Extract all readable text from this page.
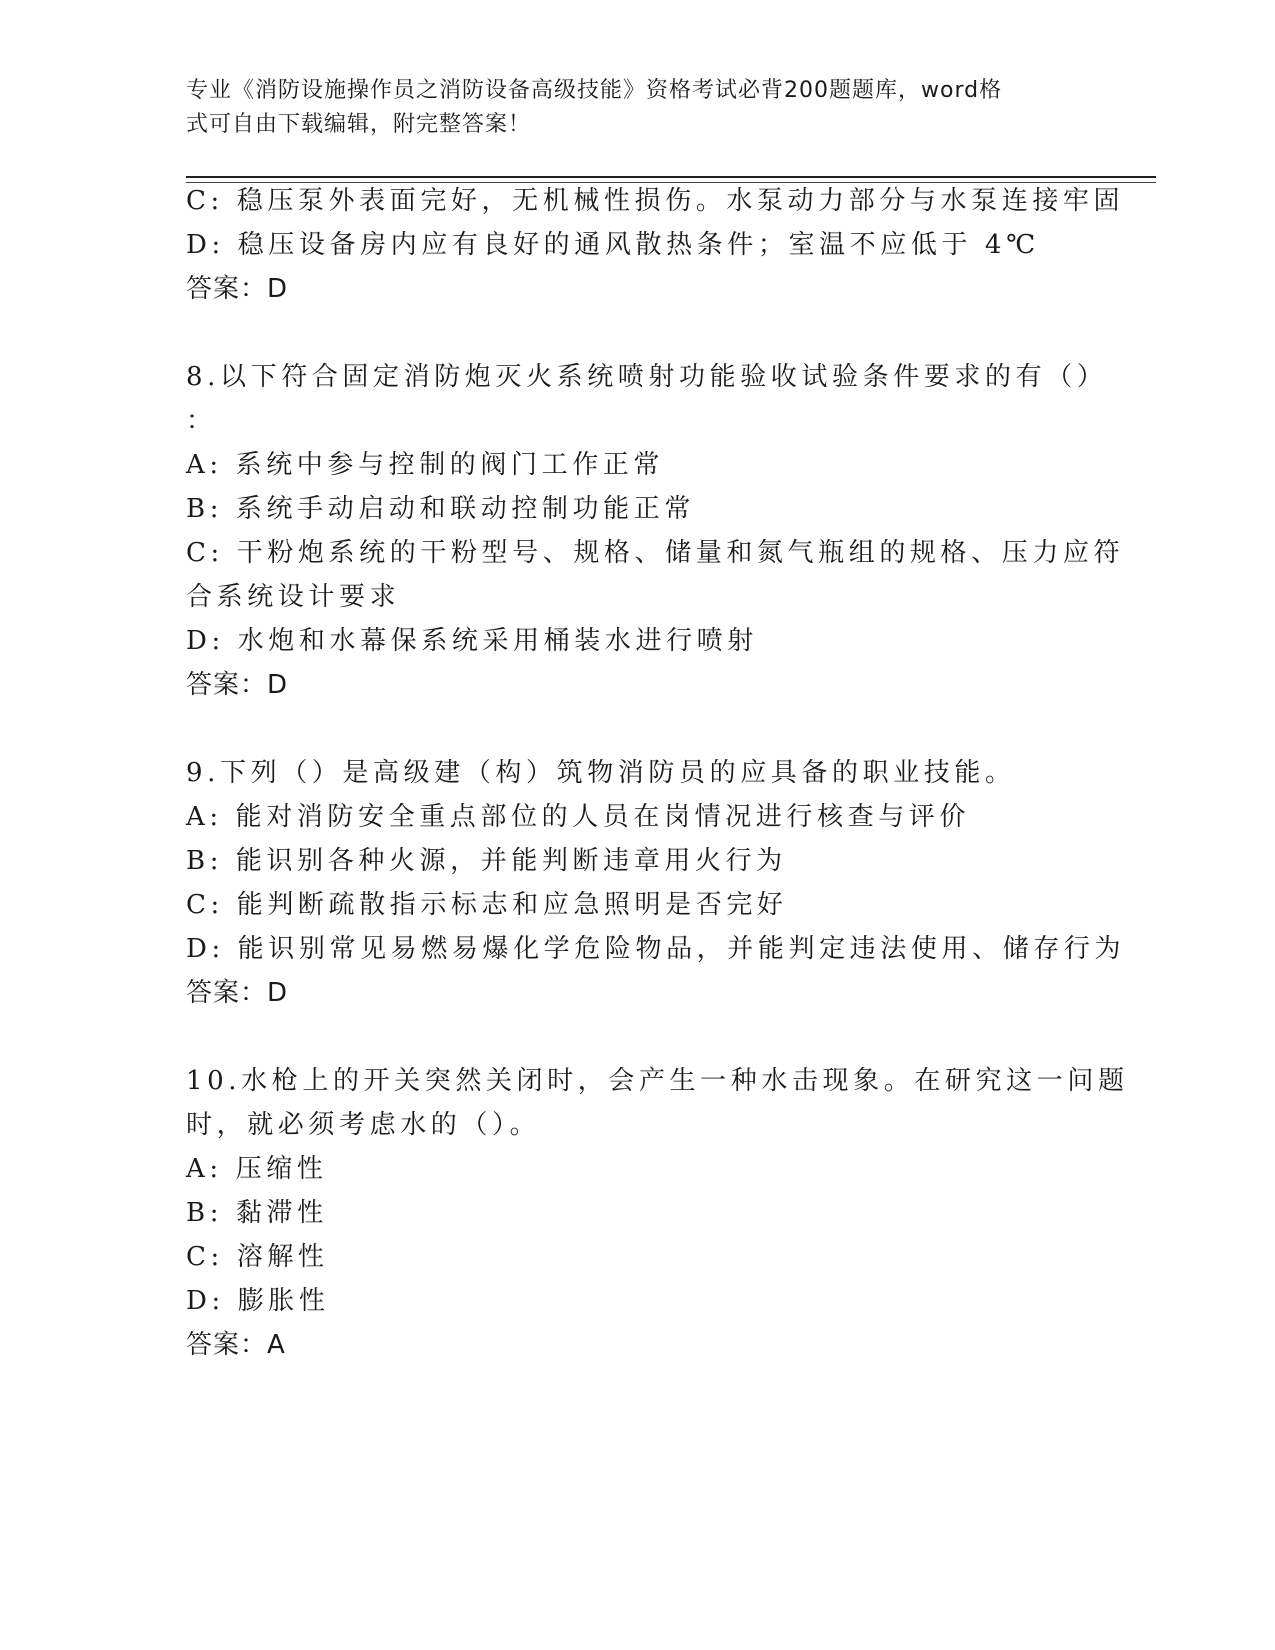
专业《消防设施操作员之消防设备高级技能》资格考试必背200题题库，word格
式可自由下载编辑，附完整答案！
C: 稳压泵外表面完好，无机械性损伤。水泵动力部分与水泵连接牢固
D: 稳压设备房内应有良好的通风散热条件；室温不应低于 4℃
答案：D
8.以下符合固定消防炮灭火系统喷射功能验收试验条件要求的有（）
：
A: 系统中参与控制的阀门工作正常
B: 系统手动启动和联动控制功能正常
C: 干粉炮系统的干粉型号、规格、储量和氮气瓶组的规格、压力应符
合系统设计要求
D: 水炮和水幕保系统采用桶装水进行喷射
答案：D
9.下列（）是高级建（构）筑物消防员的应具备的职业技能。
A: 能对消防安全重点部位的人员在岗情况进行核查与评价
B: 能识别各种火源，并能判断违章用火行为
C: 能判断疏散指示标志和应急照明是否完好
D: 能识别常见易燃易爆化学危险物品，并能判定违法使用、储存行为
答案：D
10.水枪上的开关突然关闭时，会产生一种水击现象。在研究这一问题
时，就必须考虑水的（）。
A: 压缩性
B: 黏滞性
C: 溶解性
D: 膨胀性
答案：A
